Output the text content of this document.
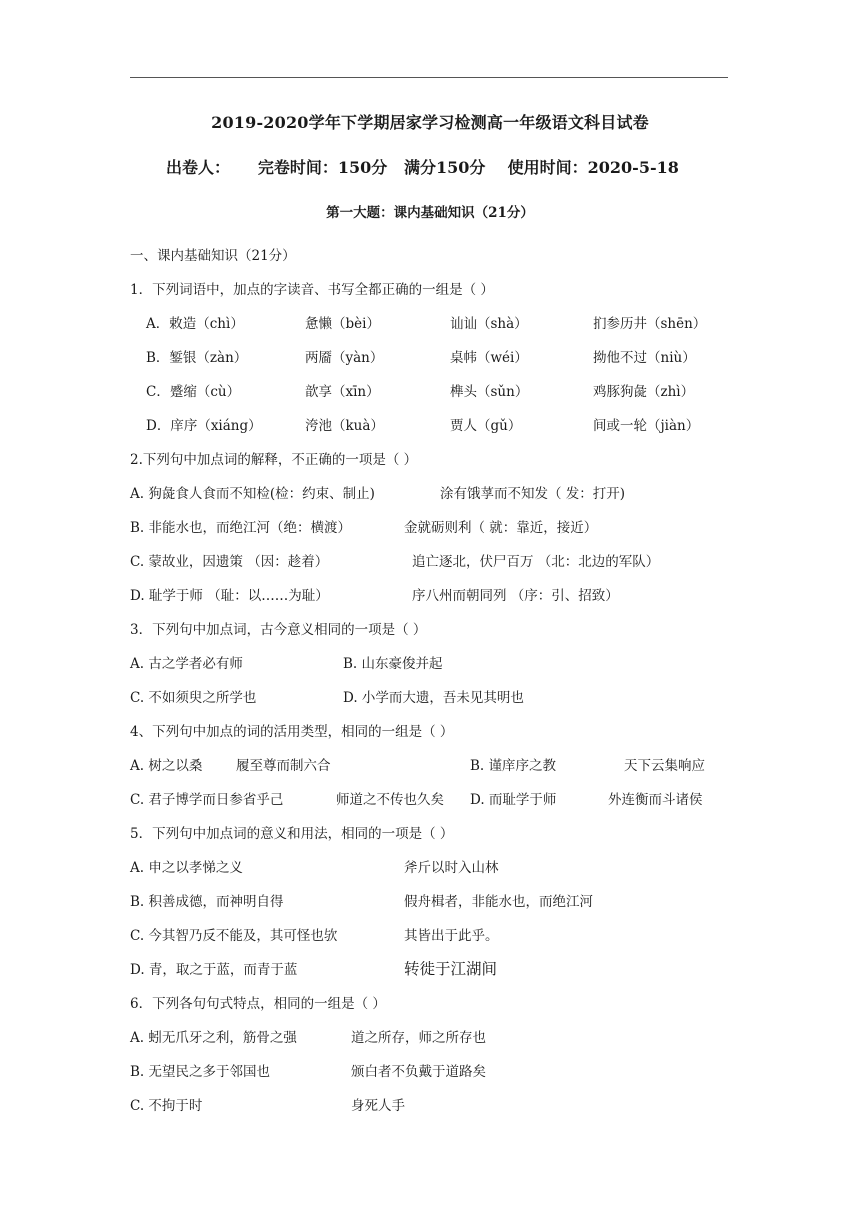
2019-2020学年下学期居家学习检测高一年级语文科目试卷
出卷人：     完卷时间：150分   满分150分    使用时间：2020-5-18
第一大题：课内基础知识（21分）
一、课内基础知识（21分）
1．下列词语中，加点的字读音、书写全都正确的一组是（ ）
A．敕造（chì）	惫懒（bèi）	讪讪（shà）	扪参历井（shēn）
B．錾银（zàn）	两靥（yàn）	桌帏（wéi）	拗他不过（niù）
C．蹙缩（cù）	歆享（xīn）	榫头（sǔn）	鸡豚狗彘（zhì）
D．庠序（xiáng）	洿池（kuà）	贾人（gǔ）	间或一轮（jiàn）
2.下列句中加点词的解释，不正确的一项是（ ）
A. 狗彘食人食而不知检(检：约束、制止)	涂有饿莩而不知发（ 发：打开)
B. 非能水也，而绝江河（绝：横渡）	金就砺则利（ 就：靠近，接近）
C. 蒙故业，因遗策 （因：趁着）	追亡逐北，伏尸百万 （北：北边的军队）
D. 耻学于师 （耻：以……为耻）	序八州而朝同列 （序：引、招致）
3．下列句中加点词，古今意义相同的一项是（ ）
A. 古之学者必有师	B. 山东豪俊并起
C. 不如须臾之所学也	D. 小学而大遗，吾未见其明也
4、下列句中加点的词的活用类型，相同的一组是（ ）
A. 树之以桑 履至尊而制六合	B. 谨庠序之教	天下云集响应
C. 君子博学而日参省乎己	师道之不传也久矣 D. 而耻学于师	外连衡而斗诸侯
5．下列句中加点词的意义和用法，相同的一项是（ ）
A. 申之以孝悌之义	斧斤以时入山林
B. 积善成德，而神明自得	假舟楫者，非能水也，而绝江河
C. 今其智乃反不能及，其可怪也欤	其皆出于此乎。
D. 青，取之于蓝，而青于蓝	转徙于江湖间
6．下列各句句式特点，相同的一组是（ ）
A. 蚓无爪牙之利，筋骨之强	道之所存，师之所存也
B. 无望民之多于邻国也	颁白者不负戴于道路矣
C. 不拘于时	身死人手
